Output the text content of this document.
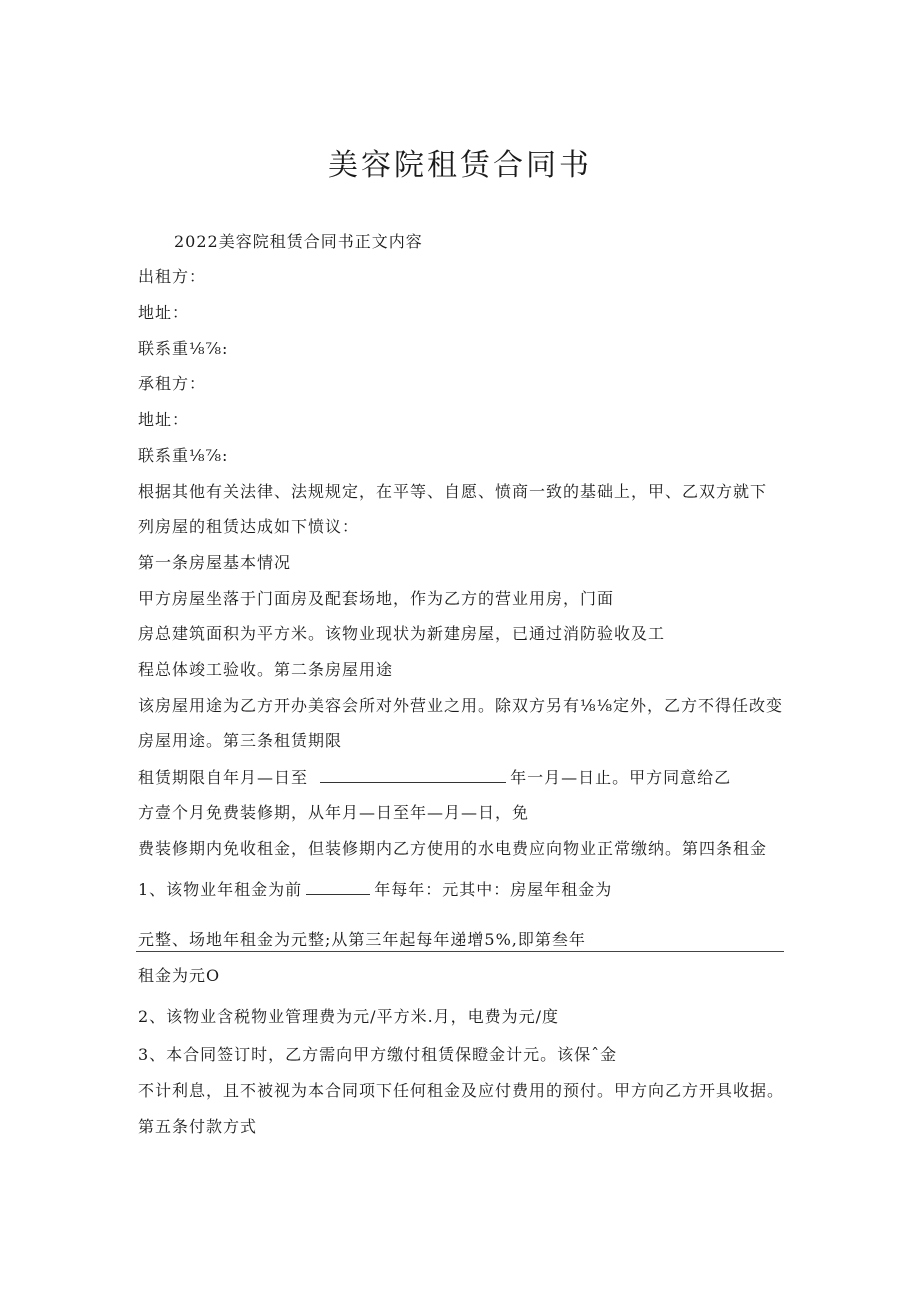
美容院租赁合同书

2022美容院租赁合同书正文内容

出租方：

地址：

联系重⅛⅞:

承租方：

地址：

联系重⅛⅞:

根据其他有关法律、法规规定，在平等、自愿、愤商一致的基础上，甲、乙双方就下

列房屋的租赁达成如下愤议：

第一条房屋基本情况

甲方房屋坐落于门面房及配套场地，作为乙方的营业用房，门面

房总建筑面积为平方米。该物业现状为新建房屋，已通过消防验收及工

程总体竣工验收。第二条房屋用途

该房屋用途为乙方开办美容会所对外营业之用。除双方另有⅛⅛定外，乙方不得任改变

房屋用途。第三条租赁期限

租赁期限自年月—日至	年一月—日止。甲方同意给乙

方壹个月免费装修期，从年月—日至年—月—日，免

费装修期内免收租金，但装修期内乙方使用的水电费应向物业正常缴纳。第四条租金

1、该物业年租金为前	年每年：元其中：房屋年租金为

元整、场地年租金为元整;从第三年起每年递增5%,即第叁年

租金为元O

2、该物业含税物业管理费为元/平方米.月，电费为元/度

3、本合同签订时，乙方需向甲方缴付租赁保瞪金计元。该保ˆ金

不计利息，且不被视为本合同项下任何租金及应付费用的预付。甲方向乙方开具收据。

第五条付款方式
